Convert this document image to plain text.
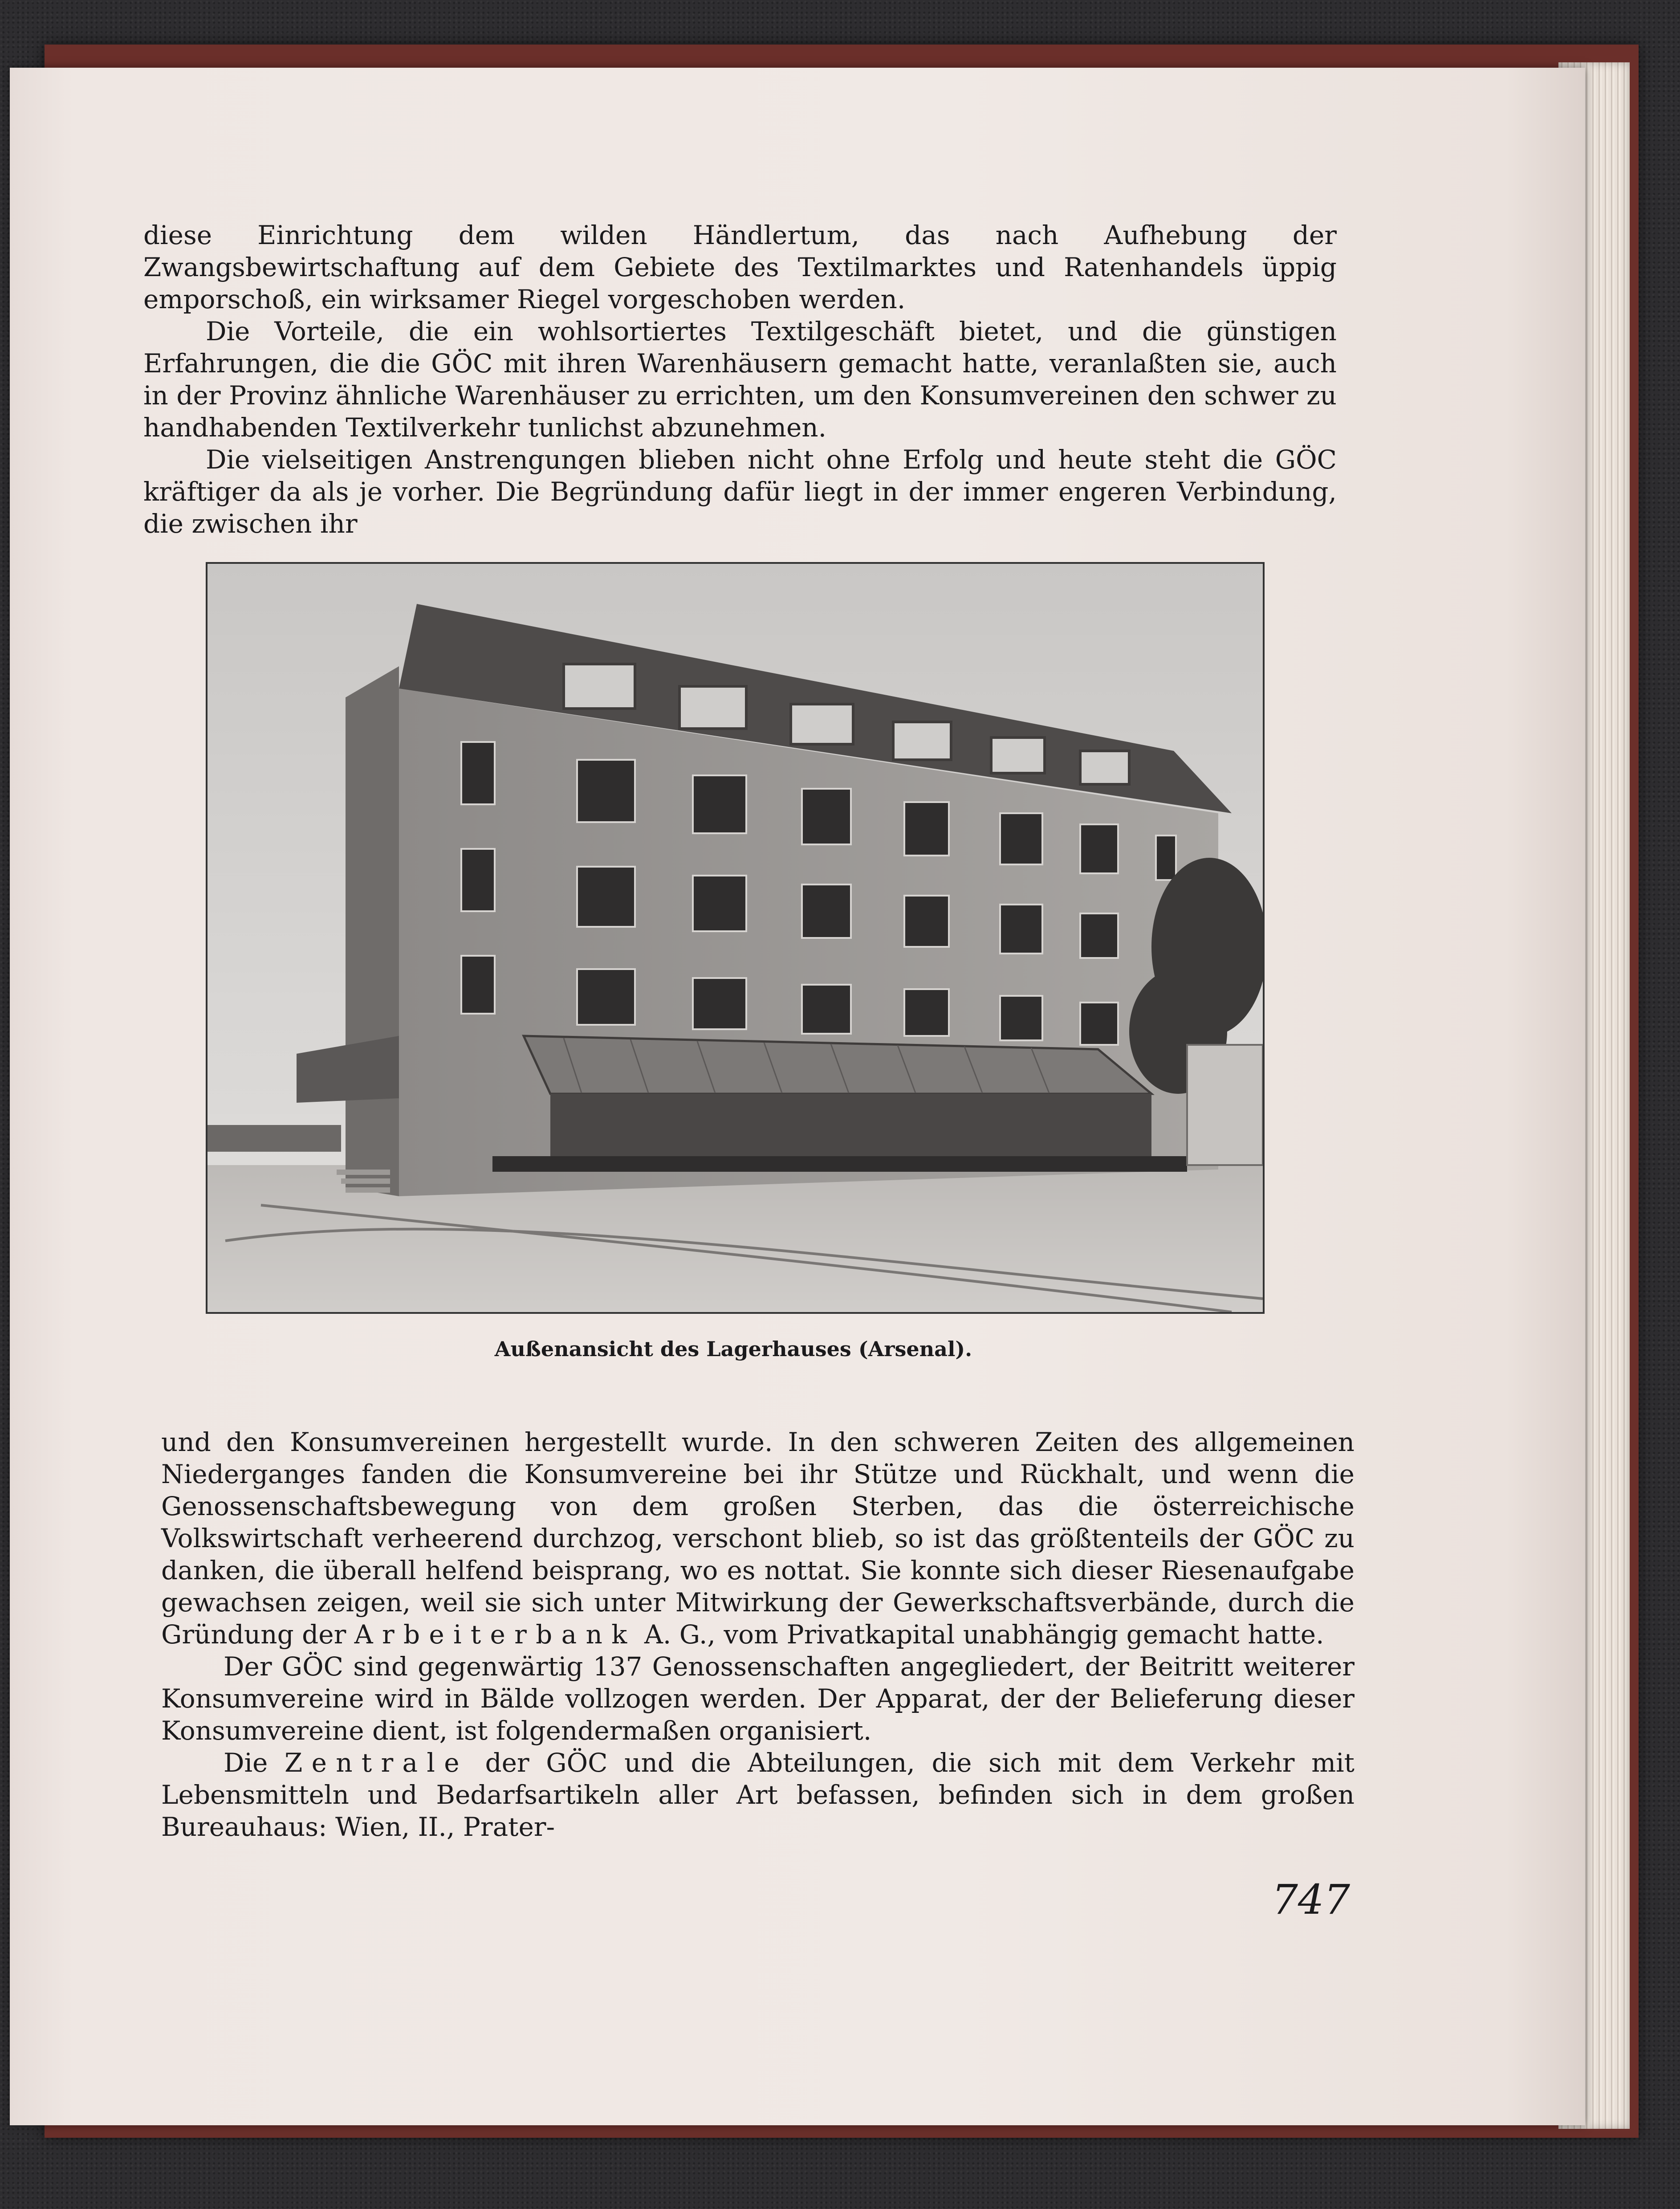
diese Einrichtung dem wilden Händlertum, das nach Aufhebung der Zwangsbewirtschaftung auf dem Gebiete des Textilmarktes und Ratenhandels üppig emporschoß, ein wirksamer Riegel vorgeschoben werden.

Die Vorteile, die ein wohlsortiertes Textilgeschäft bietet, und die günstigen Erfahrungen, die die GÖC mit ihren Warenhäusern gemacht hatte, veranlaßten sie, auch in der Provinz ähnliche Warenhäuser zu errichten, um den Konsumvereinen den schwer zu handhabenden Textilverkehr tunlichst abzunehmen.

Die vielseitigen Anstrengungen blieben nicht ohne Erfolg und heute steht die GÖC kräftiger da als je vorher. Die Begründung dafür liegt in der immer engeren Verbindung, die zwischen ihr

Außenansicht des Lagerhauses (Arsenal).

und den Konsumvereinen hergestellt wurde. In den schweren Zeiten des allgemeinen Niederganges fanden die Konsumvereine bei ihr Stütze und Rückhalt, und wenn die Genossenschaftsbewegung von dem großen Sterben, das die österreichische Volkswirtschaft verheerend durchzog, verschont blieb, so ist das größtenteils der GÖC zu danken, die überall helfend beisprang, wo es nottat. Sie konnte sich dieser Riesenaufgabe gewachsen zeigen, weil sie sich unter Mitwirkung der Gewerkschaftsverbände, durch die Gründung der Arbeiterbank A. G., vom Privatkapital unabhängig gemacht hatte.

Der GÖC sind gegenwärtig 137 Genossenschaften angegliedert, der Beitritt weiterer Konsumvereine wird in Bälde vollzogen werden. Der Apparat, der der Belieferung dieser Konsumvereine dient, ist folgendermaßen organisiert.

Die Zentrale der GÖC und die Abteilungen, die sich mit dem Verkehr mit Lebensmitteln und Bedarfsartikeln aller Art befassen, befinden sich in dem großen Bureauhaus: Wien, II., Prater-

747
